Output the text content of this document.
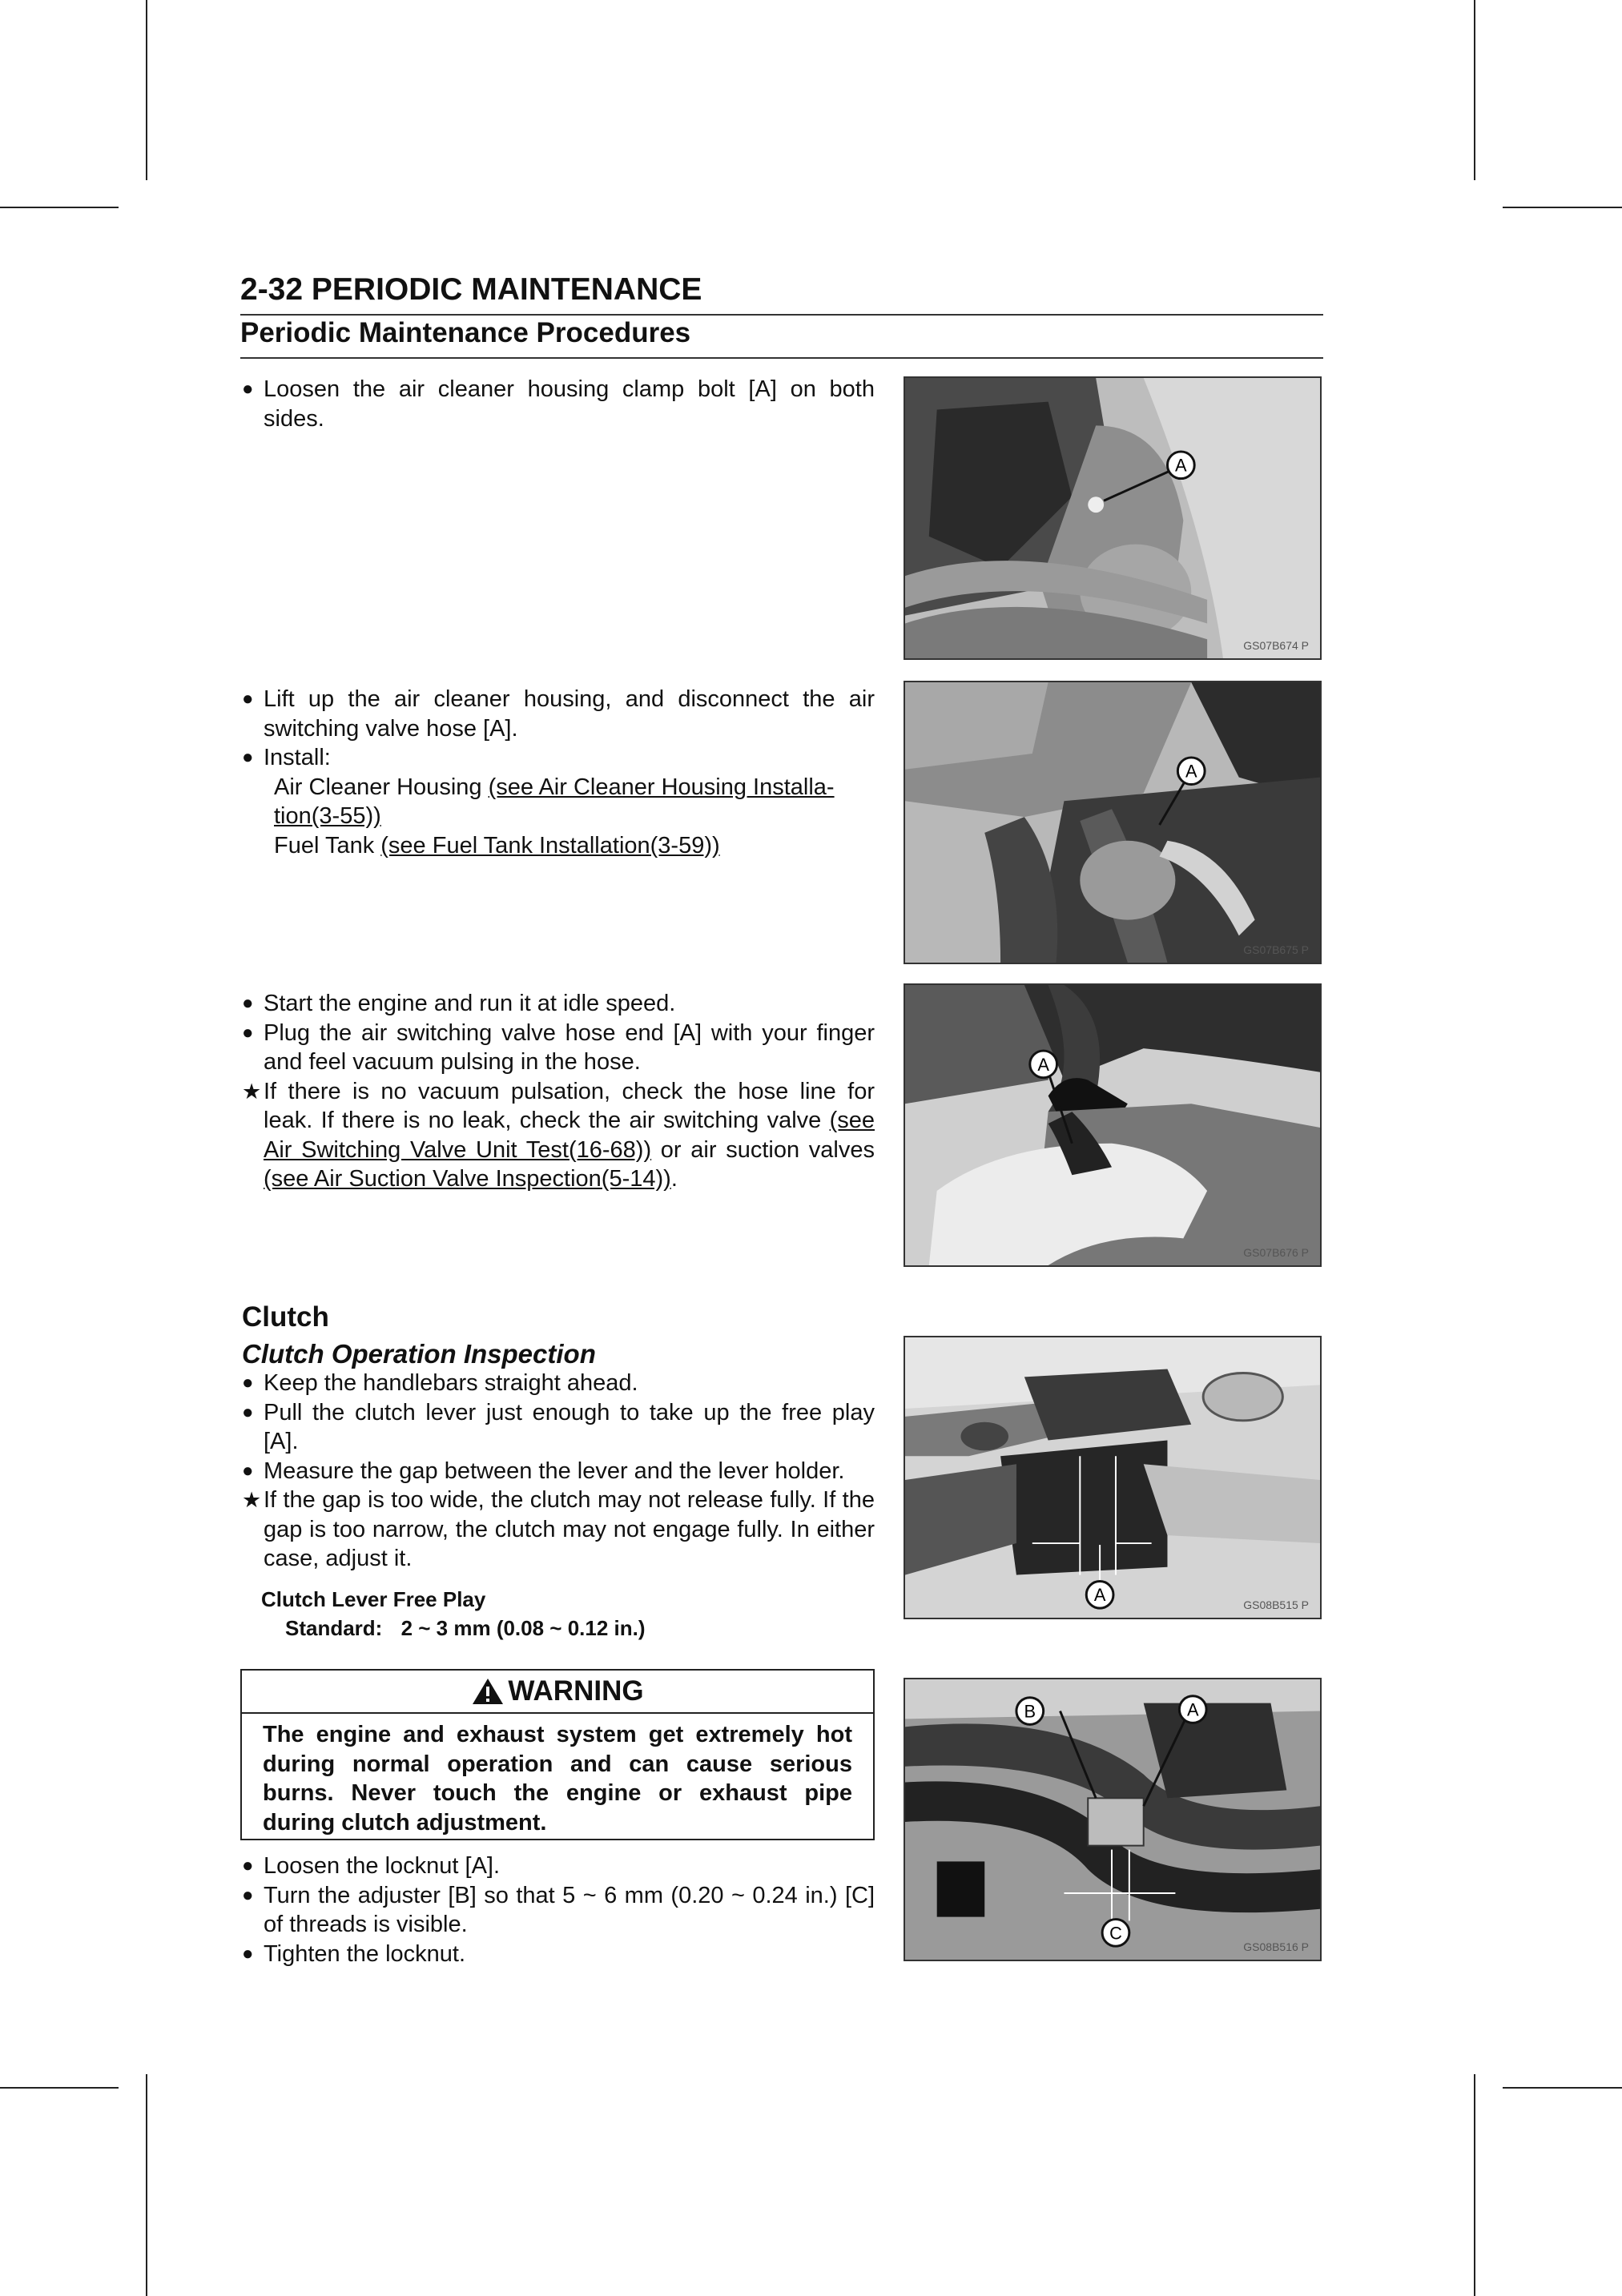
2-32 PERIODIC MAINTENANCE
Periodic Maintenance Procedures
● Loosen the air cleaner housing clamp bolt [A] on both sides.
A
GS07B674 P
● Lift up the air cleaner housing, and disconnect the air switching valve hose [A].
● Install:
Air Cleaner Housing (see Air Cleaner Housing Installa-tion(3-55))
Fuel Tank (see Fuel Tank Installation(3-59))
A
GS07B675 P
● Start the engine and run it at idle speed.
● Plug the air switching valve hose end [A] with your finger and feel vacuum pulsing in the hose.
★ If there is no vacuum pulsation, check the hose line for leak. If there is no leak, check the air switching valve (see Air Switching Valve Unit Test(16-68)) or air suction valves (see Air Suction Valve Inspection(5-14)).
A
GS07B676 P
Clutch
Clutch Operation Inspection
● Keep the handlebars straight ahead.
● Pull the clutch lever just enough to take up the free play [A].
● Measure the gap between the lever and the lever holder.
★ If the gap is too wide, the clutch may not release fully. If the gap is too narrow, the clutch may not engage fully. In either case, adjust it.
Clutch Lever Free Play
Standard: 2 ~ 3 mm (0.08 ~ 0.12 in.)
A	GS08B515 P
WARNING
The engine and exhaust system get extremely hot during normal operation and can cause serious burns. Never touch the engine or exhaust pipe during clutch adjustment.
● Loosen the locknut [A].
● Turn the adjuster [B] so that 5 ~ 6 mm (0.20 ~ 0.24 in.) [C] of threads is visible.
● Tighten the locknut.
B	A
C
GS08B516 P
